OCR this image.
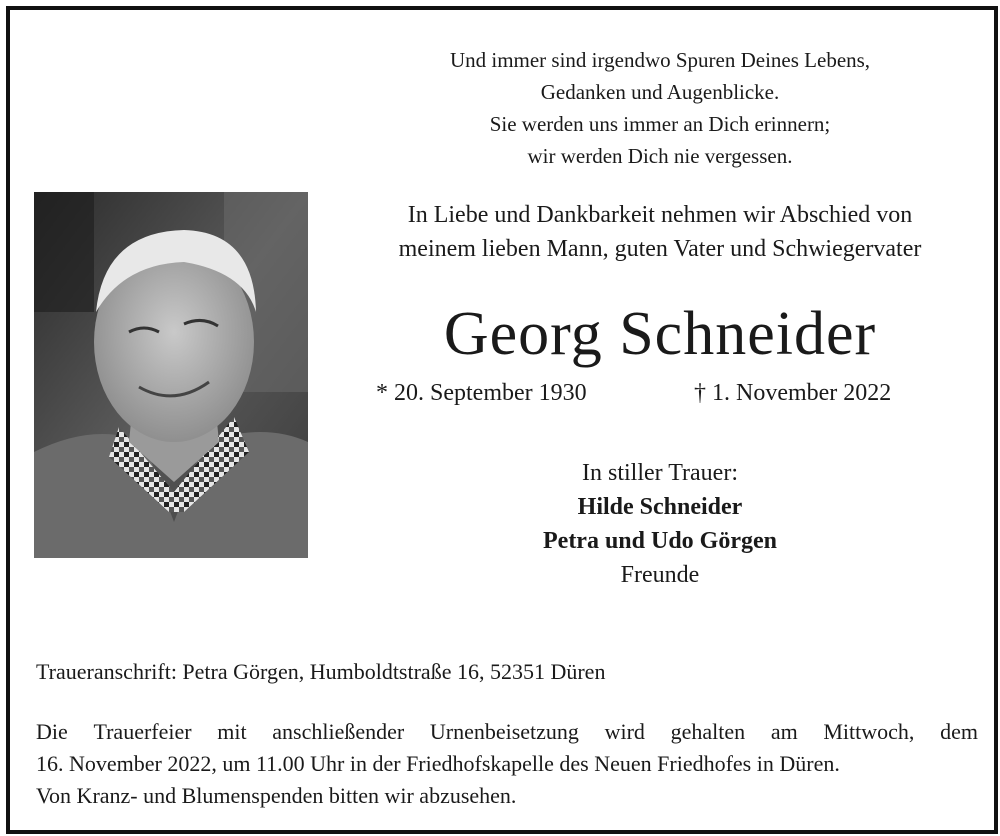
Und immer sind irgendwo Spuren Deines Lebens,
Gedanken und Augenblicke.
Sie werden uns immer an Dich erinnern;
wir werden Dich nie vergessen.
In Liebe und Dankbarkeit nehmen wir Abschied von
meinem lieben Mann, guten Vater und Schwiegervater
Georg Schneider
* 20. September 1930	† 1. November 2022
In stiller Trauer:
Hilde Schneider
Petra und Udo Görgen
Freunde
Traueranschrift: Petra Görgen, Humboldtstraße 16, 52351 Düren
Die Trauerfeier mit anschließender Urnenbeisetzung wird gehalten am Mittwoch, dem
16. November 2022, um 11.00 Uhr in der Friedhofskapelle des Neuen Friedhofes in Düren.
Von Kranz- und Blumenspenden bitten wir abzusehen.
